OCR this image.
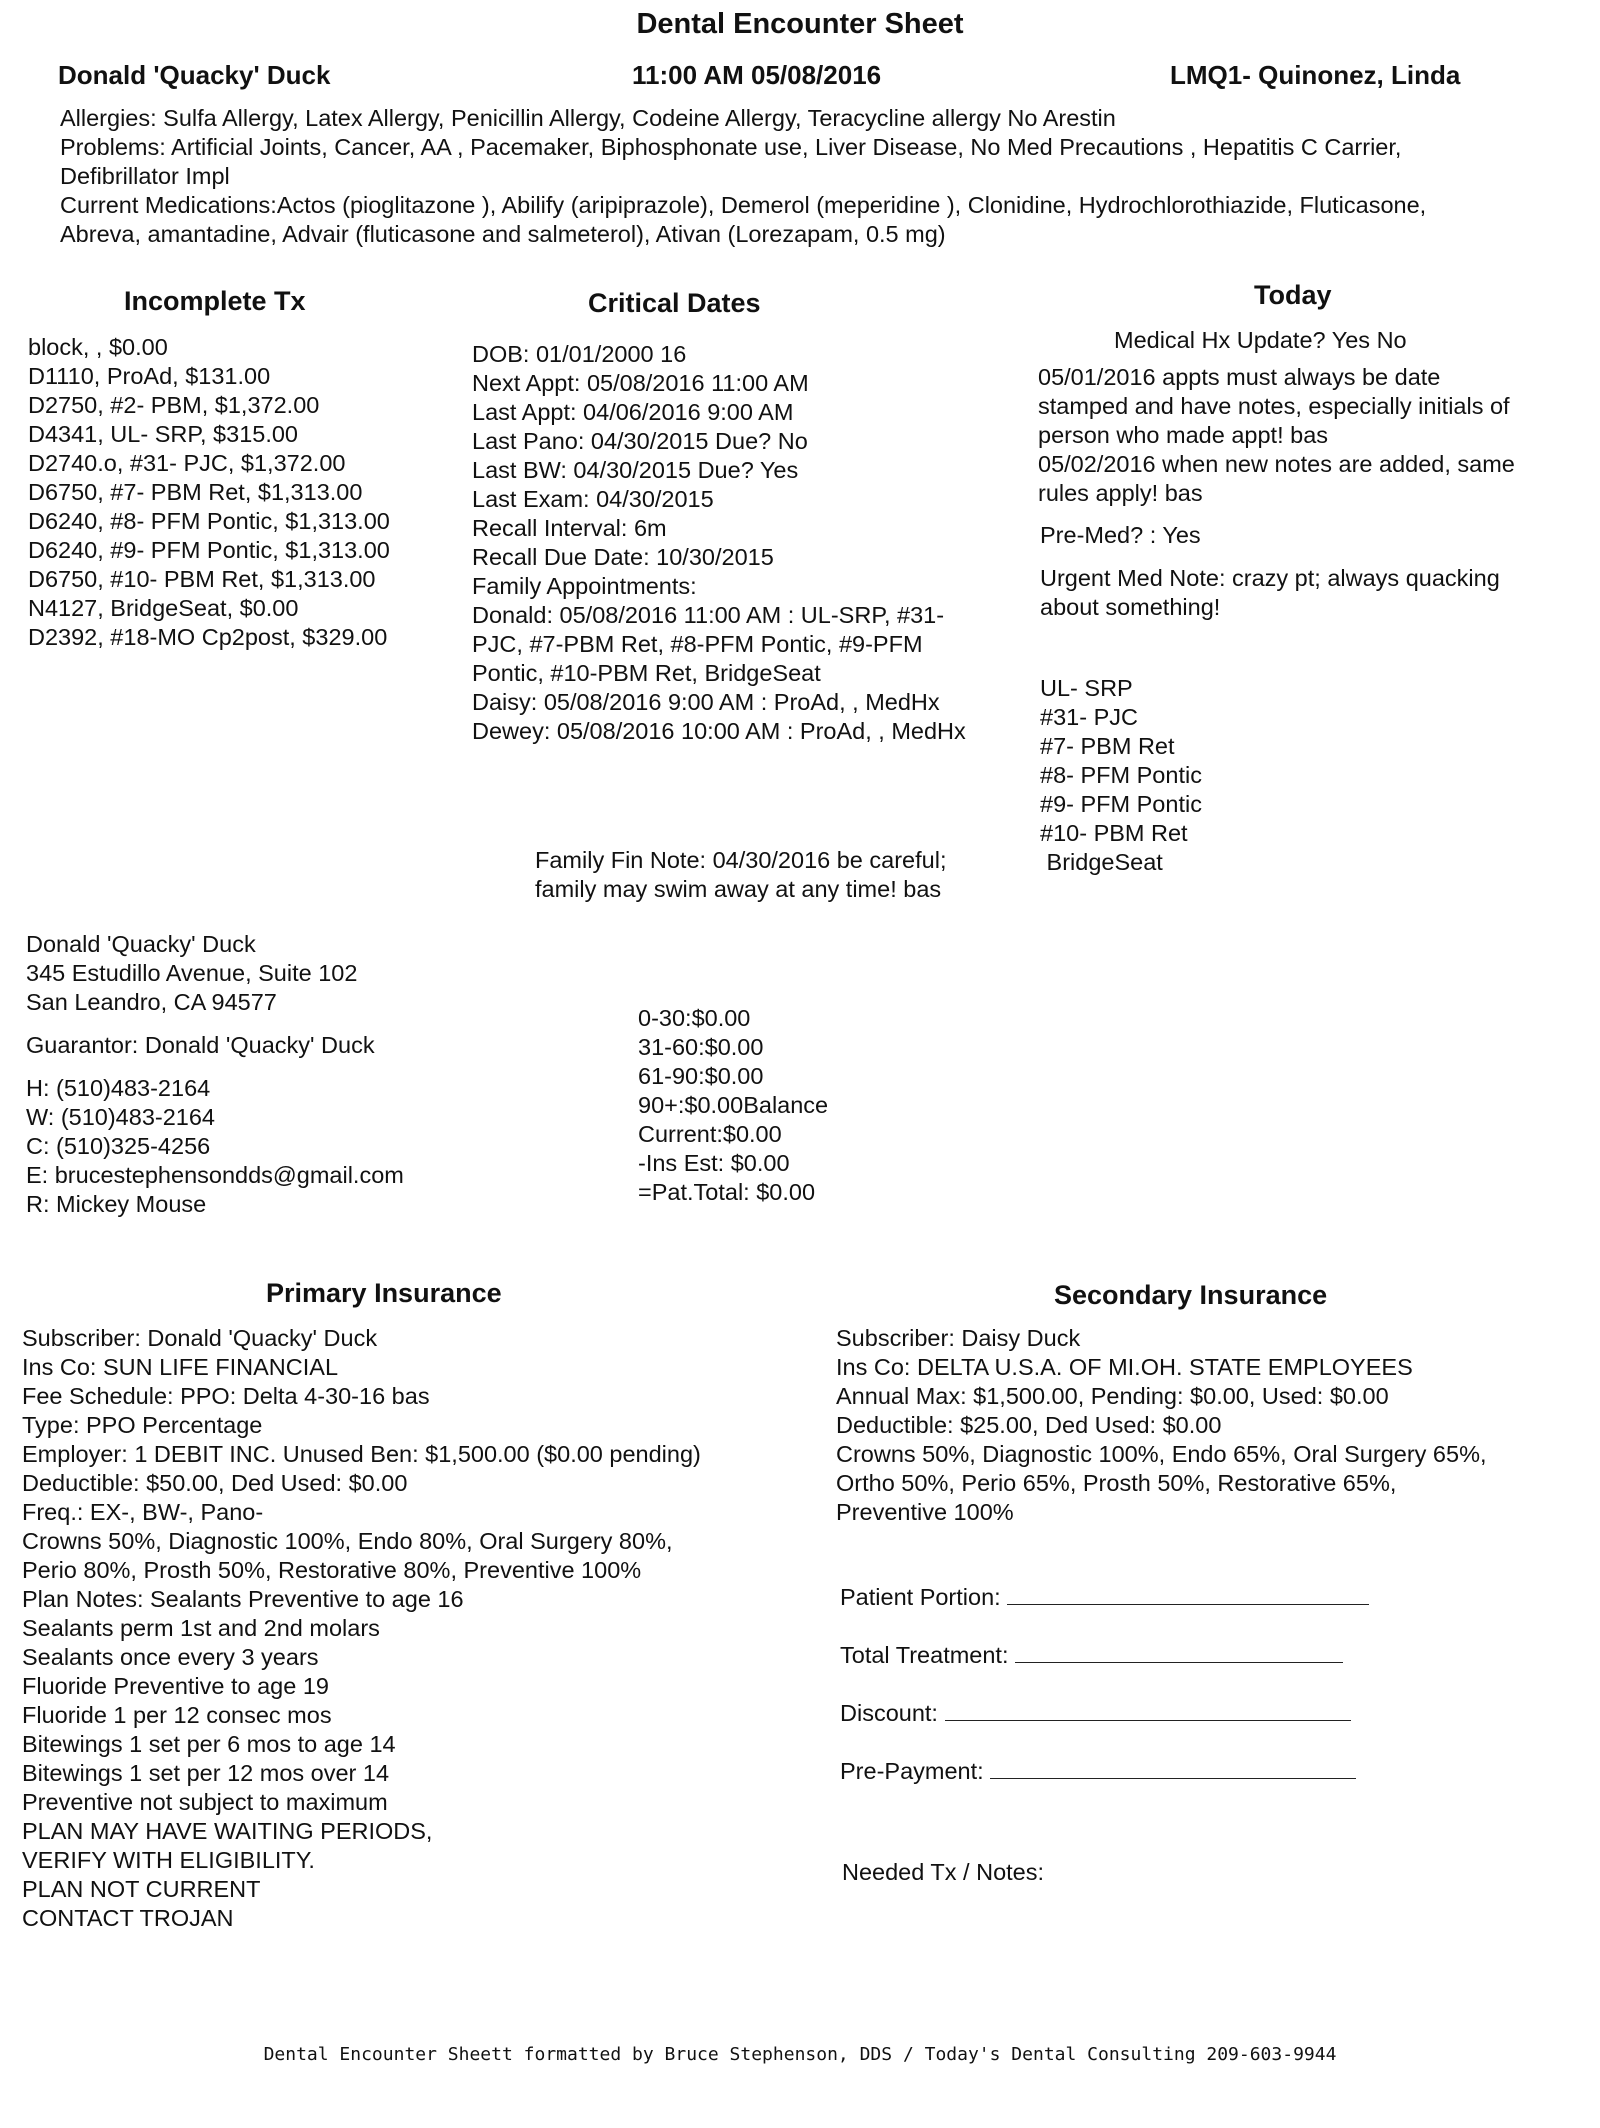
Dental Encounter Sheet
Donald 'Quacky' Duck	11:00 AM 05/08/2016	LMQ1- Quinonez, Linda
Allergies: Sulfa Allergy, Latex Allergy, Penicillin Allergy, Codeine Allergy, Teracycline allergy No Arestin
Problems: Artificial Joints, Cancer, AA , Pacemaker, Biphosphonate use, Liver Disease, No Med Precautions , Hepatitis C Carrier,
Defibrillator Impl
Current Medications:Actos (pioglitazone ), Abilify (aripiprazole), Demerol (meperidine ), Clonidine, Hydrochlorothiazide, Fluticasone,
Abreva, amantadine, Advair (fluticasone and salmeterol), Ativan (Lorezapam, 0.5 mg)
Incomplete Tx
block, , $0.00
D1110, ProAd, $131.00
D2750, #2- PBM, $1,372.00
D4341, UL- SRP, $315.00
D2740.o, #31- PJC, $1,372.00
D6750, #7- PBM Ret, $1,313.00
D6240, #8- PFM Pontic, $1,313.00
D6240, #9- PFM Pontic, $1,313.00
D6750, #10- PBM Ret, $1,313.00
N4127, BridgeSeat, $0.00
D2392, #18-MO Cp2post, $329.00
Critical Dates
DOB: 01/01/2000 16
Next Appt: 05/08/2016 11:00 AM
Last Appt: 04/06/2016 9:00 AM
Last Pano: 04/30/2015 Due? No
Last BW: 04/30/2015 Due? Yes
Last Exam: 04/30/2015
Recall Interval: 6m
Recall Due Date: 10/30/2015
Family Appointments:
Donald: 05/08/2016 11:00 AM : UL-SRP, #31-
PJC, #7-PBM Ret, #8-PFM Pontic, #9-PFM
Pontic, #10-PBM Ret, BridgeSeat
Daisy: 05/08/2016 9:00 AM : ProAd, , MedHx
Dewey: 05/08/2016 10:00 AM : ProAd, , MedHx
Family Fin Note: 04/30/2016 be careful;
family may swim away at any time! bas
Today
Medical Hx Update? Yes No
05/01/2016 appts must always be date
stamped and have notes, especially initials of
person who made appt! bas
05/02/2016 when new notes are added, same
rules apply! bas
Pre-Med? : Yes
Urgent Med Note: crazy pt; always quacking
about something!
UL- SRP
#31- PJC
#7- PBM Ret
#8- PFM Pontic
#9- PFM Pontic
#10- PBM Ret
BridgeSeat
Donald 'Quacky' Duck
345 Estudillo Avenue, Suite 102
San Leandro, CA 94577
Guarantor: Donald 'Quacky' Duck
H: (510)483-2164
W: (510)483-2164
C: (510)325-4256
E: brucestephensondds@gmail.com
R: Mickey Mouse
0-30:$0.00
31-60:$0.00
61-90:$0.00
90+:$0.00Balance
Current:$0.00
-Ins Est: $0.00
=Pat.Total: $0.00
Primary Insurance
Subscriber: Donald 'Quacky' Duck
Ins Co: SUN LIFE FINANCIAL
Fee Schedule: PPO: Delta 4-30-16 bas
Type: PPO Percentage
Employer: 1 DEBIT INC. Unused Ben: $1,500.00 ($0.00 pending)
Deductible: $50.00, Ded Used: $0.00
Freq.: EX-, BW-, Pano-
Crowns 50%, Diagnostic 100%, Endo 80%, Oral Surgery 80%,
Perio 80%, Prosth 50%, Restorative 80%, Preventive 100%
Plan Notes: Sealants Preventive to age 16
Sealants perm 1st and 2nd molars
Sealants once every 3 years
Fluoride Preventive to age 19
Fluoride 1 per 12 consec mos
Bitewings 1 set per 6 mos to age 14
Bitewings 1 set per 12 mos over 14
Preventive not subject to maximum
PLAN MAY HAVE WAITING PERIODS,
VERIFY WITH ELIGIBILITY.
PLAN NOT CURRENT
CONTACT TROJAN
Secondary Insurance
Subscriber: Daisy Duck
Ins Co: DELTA U.S.A. OF MI.OH. STATE EMPLOYEES
Annual Max: $1,500.00, Pending: $0.00, Used: $0.00
Deductible: $25.00, Ded Used: $0.00
Crowns 50%, Diagnostic 100%, Endo 65%, Oral Surgery 65%,
Ortho 50%, Perio 65%, Prosth 50%, Restorative 65%,
Preventive 100%
Patient Portion:
Total Treatment:
Discount:
Pre-Payment:
Needed Tx / Notes:
Dental Encounter Sheett formatted by Bruce Stephenson, DDS / Today's Dental Consulting 209-603-9944
